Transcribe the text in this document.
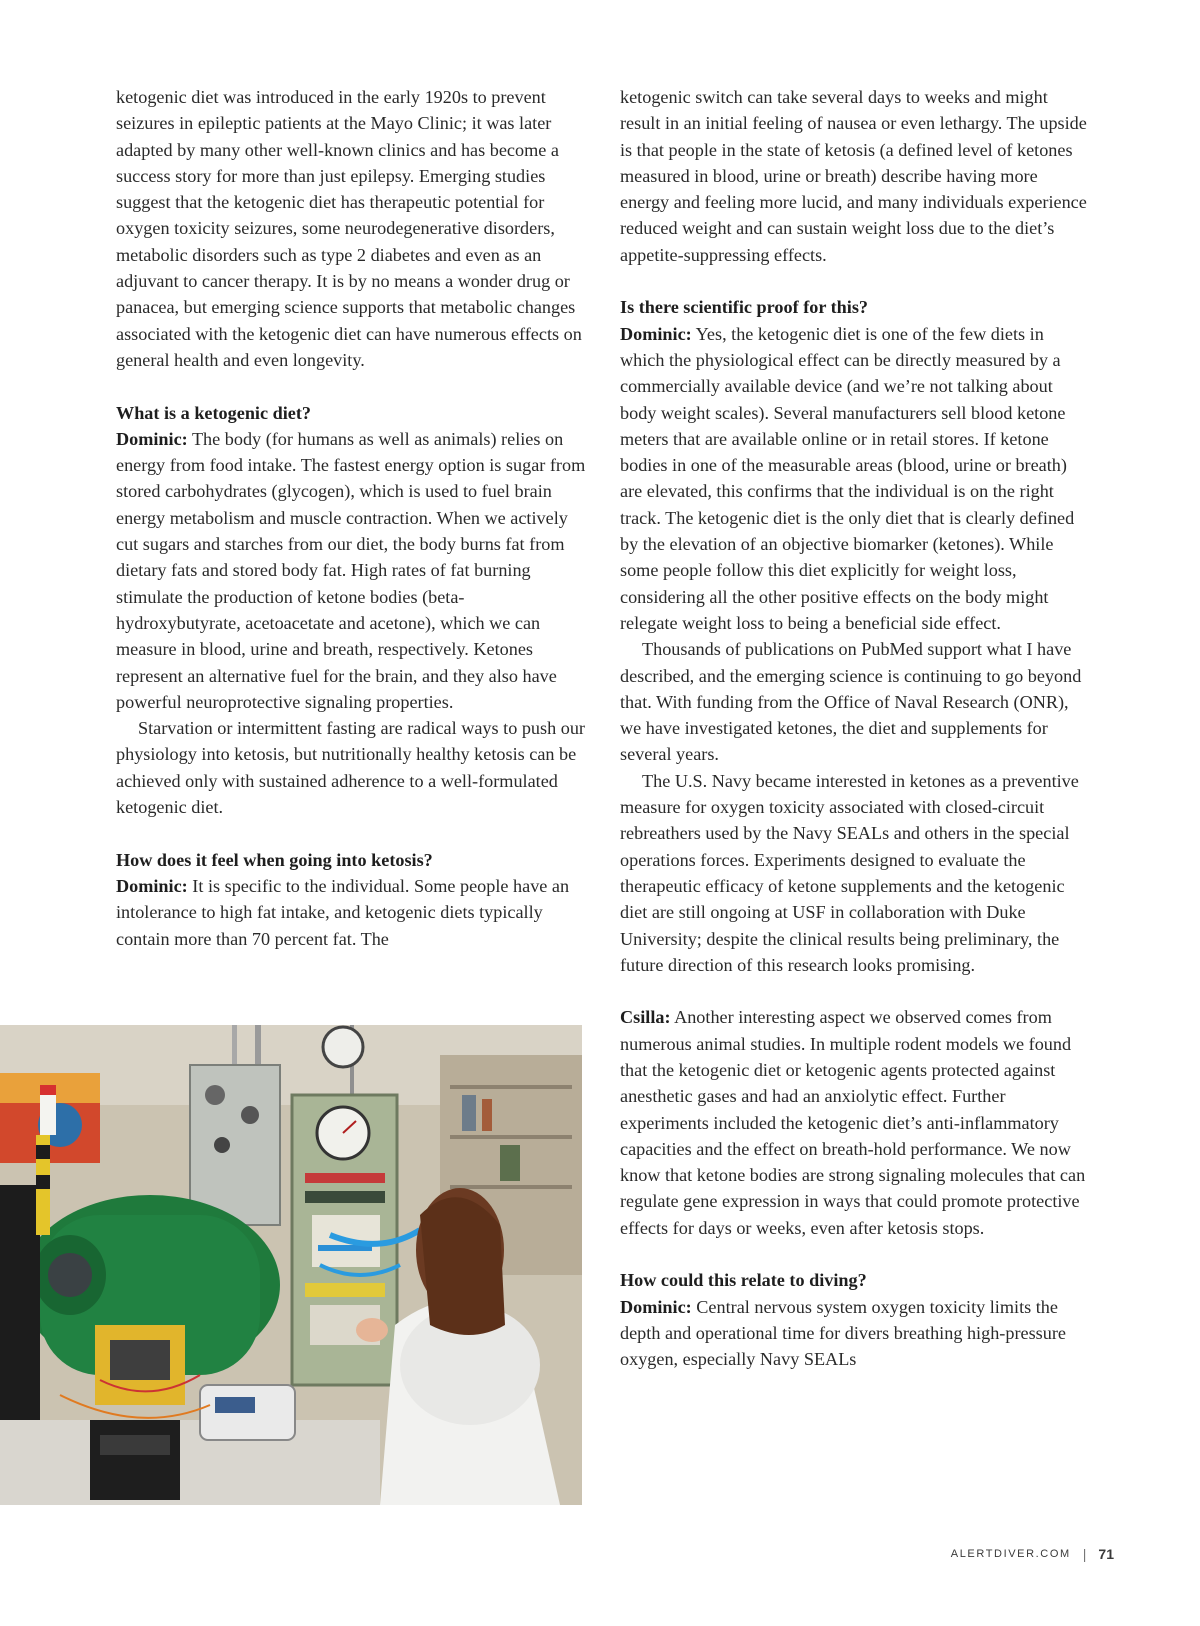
ketogenic diet was introduced in the early 1920s to prevent seizures in epileptic patients at the Mayo Clinic; it was later adapted by many other well-known clinics and has become a success story for more than just epilepsy. Emerging studies suggest that the ketogenic diet has therapeutic potential for oxygen toxicity seizures, some neurodegenerative disorders, metabolic disorders such as type 2 diabetes and even as an adjuvant to cancer therapy. It is by no means a wonder drug or panacea, but emerging science supports that metabolic changes associated with the ketogenic diet can have numerous effects on general health and even longevity.

What is a ketogenic diet?

Dominic: The body (for humans as well as animals) relies on energy from food intake. The fastest energy option is sugar from stored carbohydrates (glycogen), which is used to fuel brain energy metabolism and muscle contraction. When we actively cut sugars and starches from our diet, the body burns fat from dietary fats and stored body fat. High rates of fat burning stimulate the production of ketone bodies (beta-hydroxybutyrate, acetoacetate and acetone), which we can measure in blood, urine and breath, respectively. Ketones represent an alternative fuel for the brain, and they also have powerful neuroprotective signaling properties.

Starvation or intermittent fasting are radical ways to push our physiology into ketosis, but nutritionally healthy ketosis can be achieved only with sustained adherence to a well-formulated ketogenic diet.

How does it feel when going into ketosis?

Dominic: It is specific to the individual. Some people have an intolerance to high fat intake, and ketogenic diets typically contain more than 70 percent fat. The

ketogenic switch can take several days to weeks and might result in an initial feeling of nausea or even lethargy. The upside is that people in the state of ketosis (a defined level of ketones measured in blood, urine or breath) describe having more energy and feeling more lucid, and many individuals experience reduced weight and can sustain weight loss due to the diet’s appetite-suppressing effects.

Is there scientific proof for this?

Dominic: Yes, the ketogenic diet is one of the few diets in which the physiological effect can be directly measured by a commercially available device (and we’re not talking about body weight scales). Several manufacturers sell blood ketone meters that are available online or in retail stores. If ketone bodies in one of the measurable areas (blood, urine or breath) are elevated, this confirms that the individual is on the right track. The ketogenic diet is the only diet that is clearly defined by the elevation of an objective biomarker (ketones). While some people follow this diet explicitly for weight loss, considering all the other positive effects on the body might relegate weight loss to being a beneficial side effect.

Thousands of publications on PubMed support what I have described, and the emerging science is continuing to go beyond that. With funding from the Office of Naval Research (ONR), we have investigated ketones, the diet and supplements for several years.

The U.S. Navy became interested in ketones as a preventive measure for oxygen toxicity associated with closed-circuit rebreathers used by the Navy SEALs and others in the special operations forces. Experiments designed to evaluate the therapeutic efficacy of ketone supplements and the ketogenic diet are still ongoing at USF in collaboration with Duke University; despite the clinical results being preliminary, the future direction of this research looks promising.

Csilla: Another interesting aspect we observed comes from numerous animal studies. In multiple rodent models we found that the ketogenic diet or ketogenic agents protected against anesthetic gases and had an anxiolytic effect. Further experiments included the ketogenic diet’s anti-inflammatory capacities and the effect on breath-hold performance. We now know that ketone bodies are strong signaling molecules that can regulate gene expression in ways that could promote protective effects for days or weeks, even after ketosis stops.

How could this relate to diving?

Dominic: Central nervous system oxygen toxicity limits the depth and operational time for divers breathing high-pressure oxygen, especially Navy SEALs

ALERTDIVER.COM | 71
